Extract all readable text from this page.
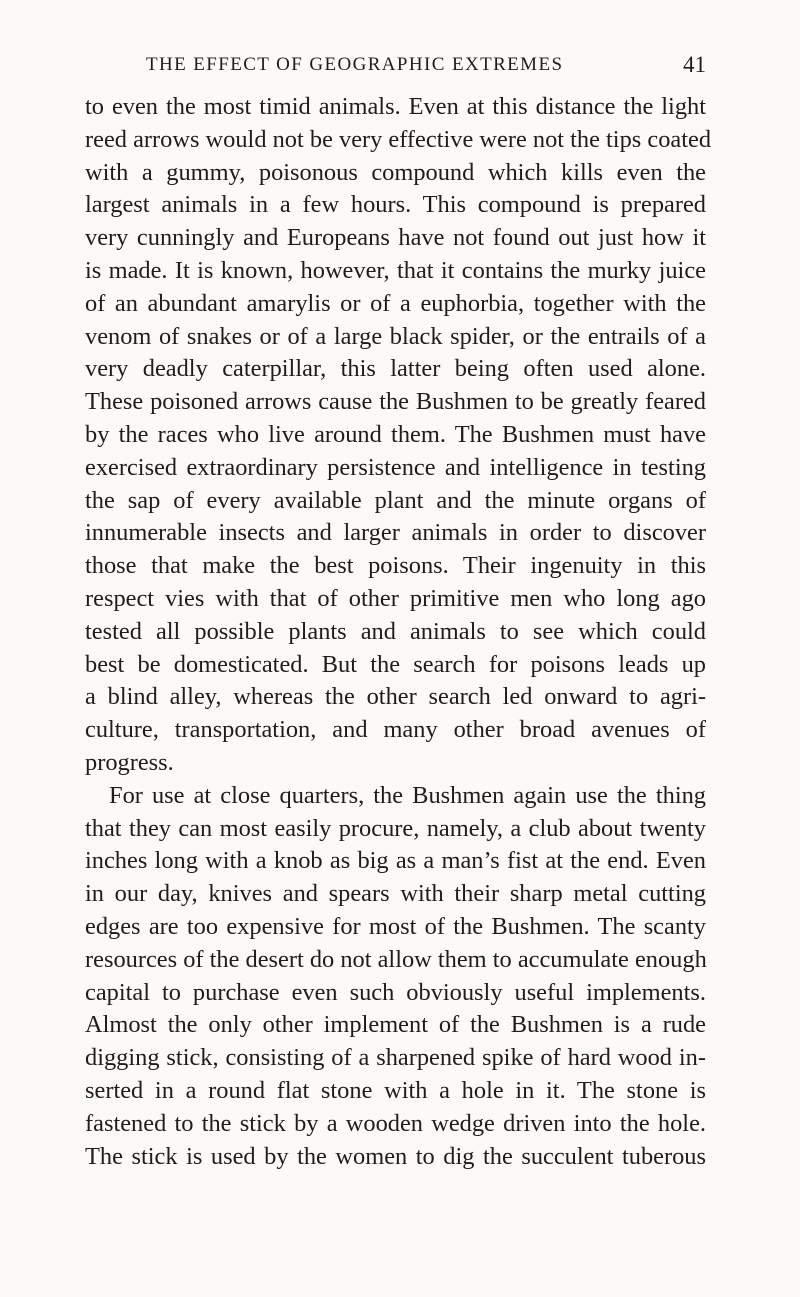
THE EFFECT OF GEOGRAPHIC EXTREMES	41
to even the most timid animals. Even at this distance the light
reed arrows would not be very effective were not the tips coated
with a gummy, poisonous compound which kills even the
largest animals in a few hours. This compound is prepared
very cunningly and Europeans have not found out just how it
is made. It is known, however, that it contains the murky juice
of an abundant amarylis or of a euphorbia, together with the
venom of snakes or of a large black spider, or the entrails of a
very deadly caterpillar, this latter being often used alone.
These poisoned arrows cause the Bushmen to be greatly feared
by the races who live around them. The Bushmen must have
exercised extraordinary persistence and intelligence in testing
the sap of every available plant and the minute organs of
innumerable insects and larger animals in order to discover
those that make the best poisons. Their ingenuity in this
respect vies with that of other primitive men who long ago
tested all possible plants and animals to see which could
best be domesticated. But the search for poisons leads up
a blind alley, whereas the other search led onward to agri-
culture, transportation, and many other broad avenues of
progress.
For use at close quarters, the Bushmen again use the thing
that they can most easily procure, namely, a club about twenty
inches long with a knob as big as a man’s fist at the end. Even
in our day, knives and spears with their sharp metal cutting
edges are too expensive for most of the Bushmen. The scanty
resources of the desert do not allow them to accumulate enough
capital to purchase even such obviously useful implements.
Almost the only other implement of the Bushmen is a rude
digging stick, consisting of a sharpened spike of hard wood in-
serted in a round flat stone with a hole in it. The stone is
fastened to the stick by a wooden wedge driven into the hole.
The stick is used by the women to dig the succulent tuberous
